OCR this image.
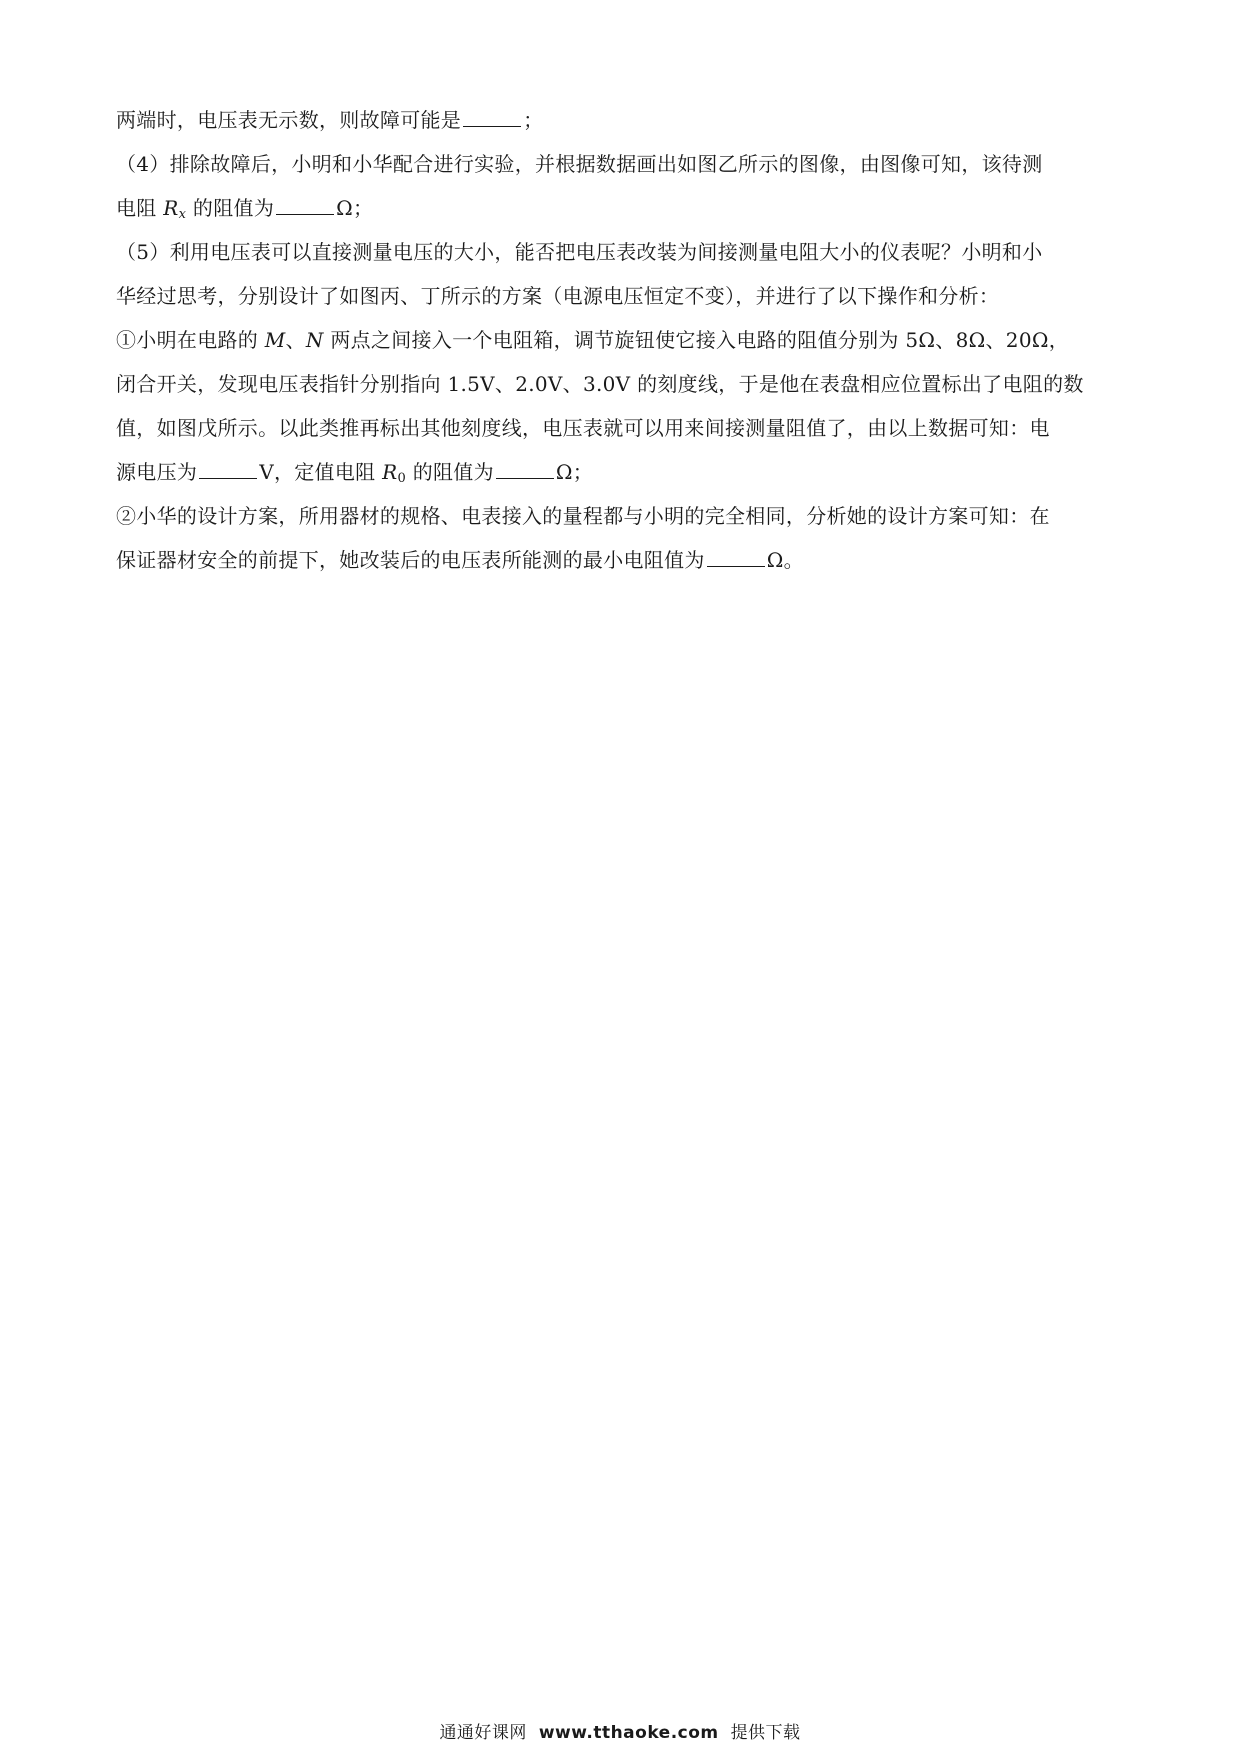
两端时，电压表无示数，则故障可能是	；
（4）排除故障后，小明和小华配合进行实验，并根据数据画出如图乙所示的图像，由图像可知，该待测
电阻 $R_x$ 的阻值为	Ω；
（5）利用电压表可以直接测量电压的大小，能否把电压表改装为间接测量电阻大小的仪表呢？小明和小
华经过思考，分别设计了如图丙、丁所示的方案（电源电压恒定不变），并进行了以下操作和分析：
①小明在电路的 M、N 两点之间接入一个电阻箱，调节旋钮使它接入电路的阻值分别为 5Ω、8Ω、20Ω，
闭合开关，发现电压表指针分别指向 1.5V、2.0V、3.0V 的刻度线，于是他在表盘相应位置标出了电阻的数
值，如图戊所示。以此类推再标出其他刻度线，电压表就可以用来间接测量阻值了，由以上数据可知：电
源电压为	V，定值电阻 $R_0$ 的阻值为	Ω；
②小华的设计方案，所用器材的规格、电表接入的量程都与小明的完全相同，分析她的设计方案可知：在
保证器材安全的前提下，她改装后的电压表所能测的最小电阻值为	Ω。
通通好课网 www.tthaoke.com 提供下载
